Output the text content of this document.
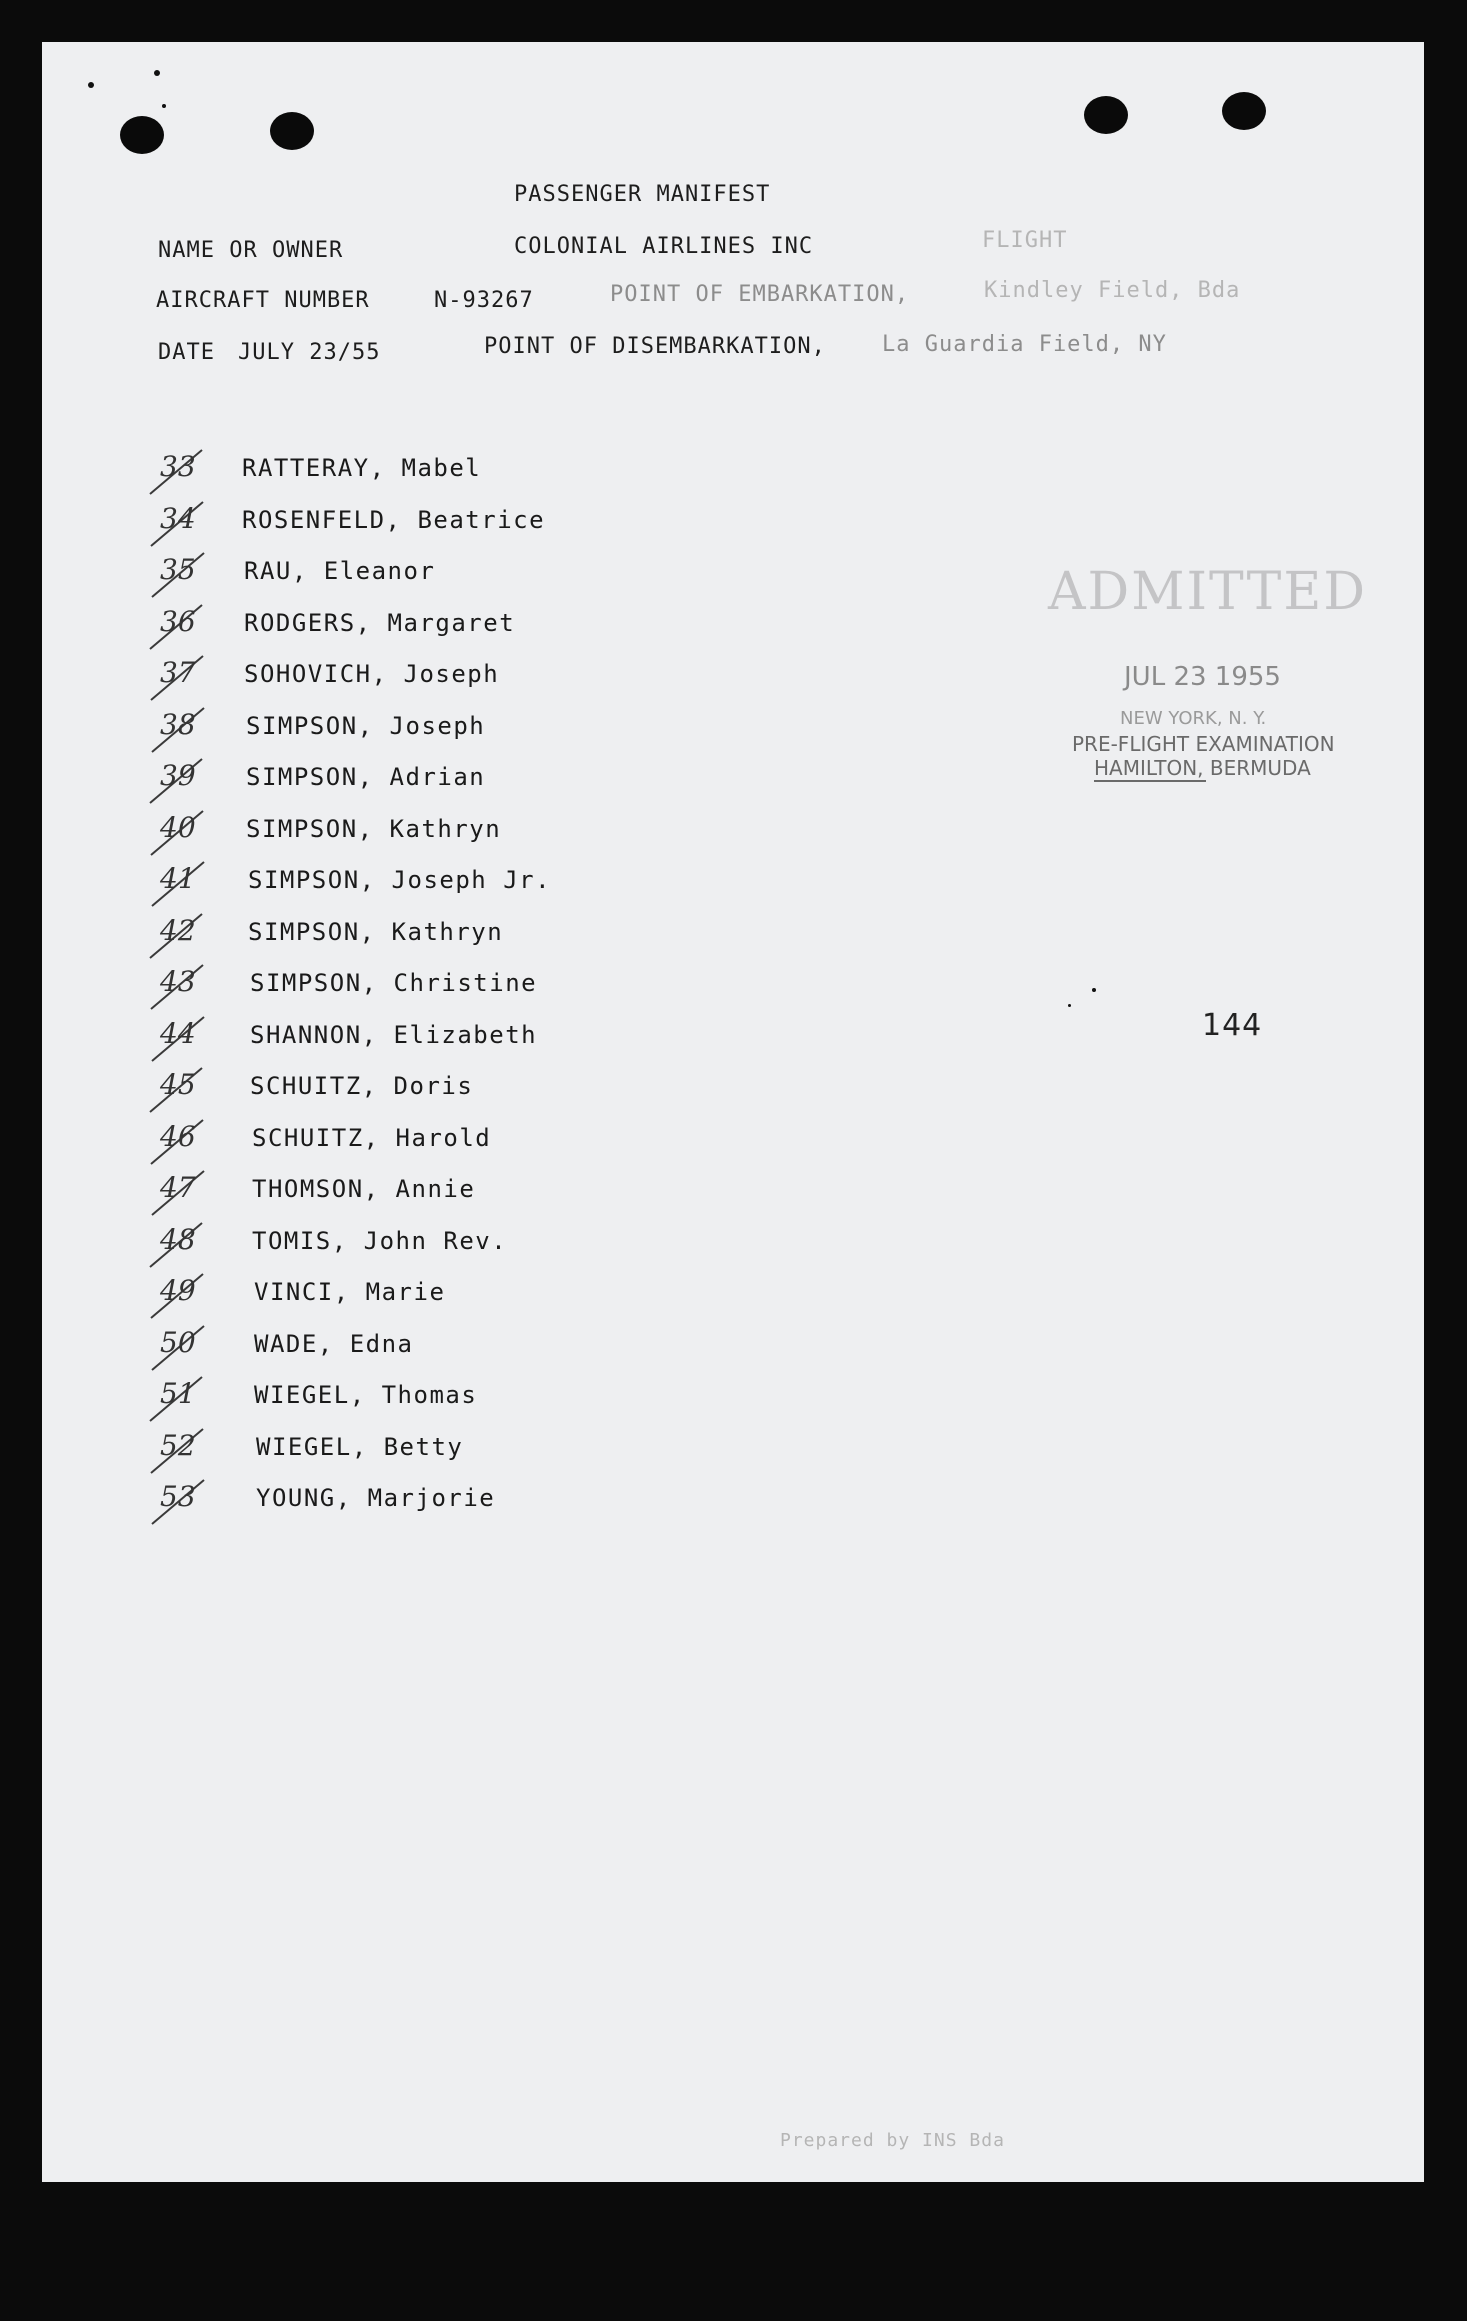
PASSENGER MANIFEST
NAME OR OWNER	COLONIAL AIRLINES INC	FLIGHT
AIRCRAFT NUMBER	N-93267	POINT OF EMBARKATION,	Kindley Field, Bda
DATE JULY 23/55	POINT OF DISEMBARKATION,	La Guardia Field, NY
33 RATTERAY, Mabel
34 ROSENFELD, Beatrice
35 RAU, Eleanor
36 RODGERS, Margaret
37 SOHOVICH, Joseph
38 SIMPSON, Joseph
39 SIMPSON, Adrian
40 SIMPSON, Kathryn
41 SIMPSON, Joseph Jr.
42 SIMPSON, Kathryn
43 SIMPSON, Christine
44 SHANNON, Elizabeth
45 SCHUITZ, Doris
46 SCHUITZ, Harold
47 THOMSON, Annie
48 TOMIS, John Rev.
49 VINCI, Marie
50 WADE, Edna
51 WIEGEL, Thomas
52	WIEGEL, Betty
53	YOUNG, Marjorie
ADMITTED
JUL 23 1955
NEW YORK, N. Y.
PRE-FLIGHT EXAMINATION
HAMILTON, BERMUDA
144
Prepared by INS Bda
